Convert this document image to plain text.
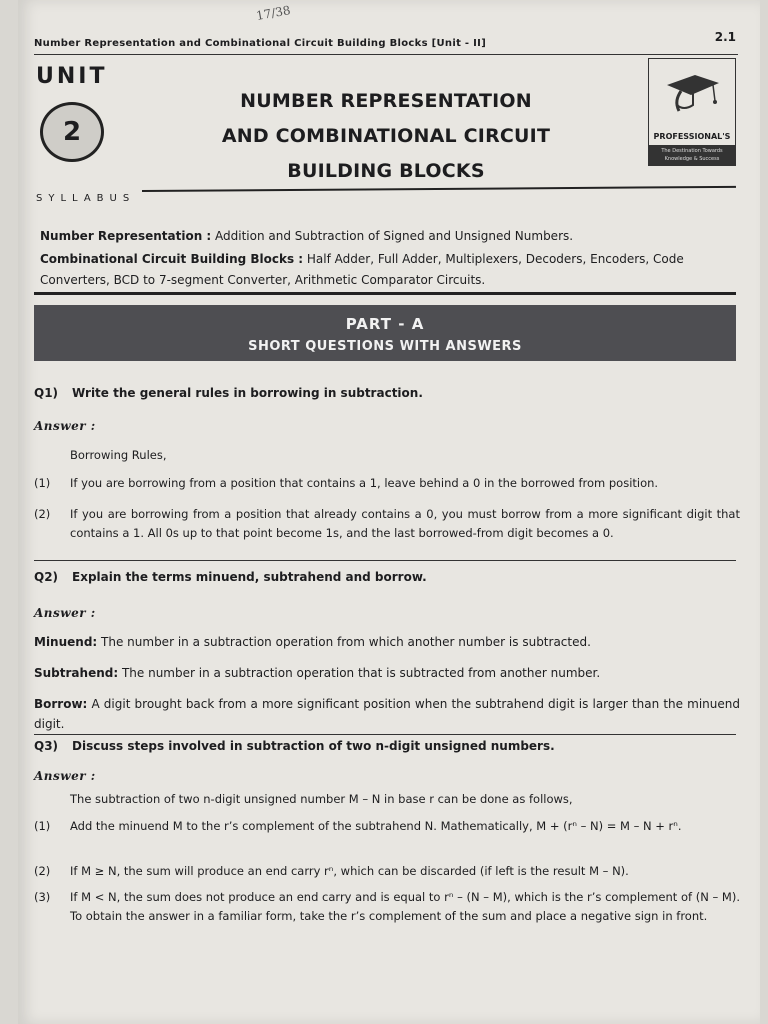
17/38
Number Representation and Combinational Circuit Building Blocks [Unit - II]	2.1
UNIT
2
NUMBER REPRESENTATION
AND COMBINATIONAL CIRCUIT
BUILDING BLOCKS
PROFESSIONAL'S
The Destination Towards Knowledge & Success
SYLLABUS
Number Representation : Addition and Subtraction of Signed and Unsigned Numbers.
Combinational Circuit Building Blocks : Half Adder, Full Adder, Multiplexers, Decoders, Encoders, Code Converters, BCD to 7-segment Converter, Arithmetic Comparator Circuits.
PART - A
SHORT QUESTIONS WITH ANSWERS
Q1) Write the general rules in borrowing in subtraction.
Answer :
Borrowing Rules,
(1)	If you are borrowing from a position that contains a 1, leave behind a 0 in the borrowed from position.
(2)	If you are borrowing from a position that already contains a 0, you must borrow from a more significant digit that contains a 1. All 0s up to that point become 1s, and the last borrowed-from digit becomes a 0.
Q2) Explain the terms minuend, subtrahend and borrow.
Answer :
Minuend: The number in a subtraction operation from which another number is subtracted.
Subtrahend: The number in a subtraction operation that is subtracted from another number.
Borrow: A digit brought back from a more significant position when the subtrahend digit is larger than the minuend digit.
Q3) Discuss steps involved in subtraction of two n-digit unsigned numbers.
Answer :
The subtraction of two n-digit unsigned number M – N in base r can be done as follows,
(1)	Add the minuend M to the r’s complement of the subtrahend N. Mathematically, M + (rⁿ – N) = M – N + rⁿ.
(2)	If M ≥ N, the sum will produce an end carry rⁿ, which can be discarded (if left is the result M – N).
(3)	If M < N, the sum does not produce an end carry and is equal to rⁿ – (N – M), which is the r’s complement of (N – M). To obtain the answer in a familiar form, take the r’s complement of the sum and place a negative sign in front.
